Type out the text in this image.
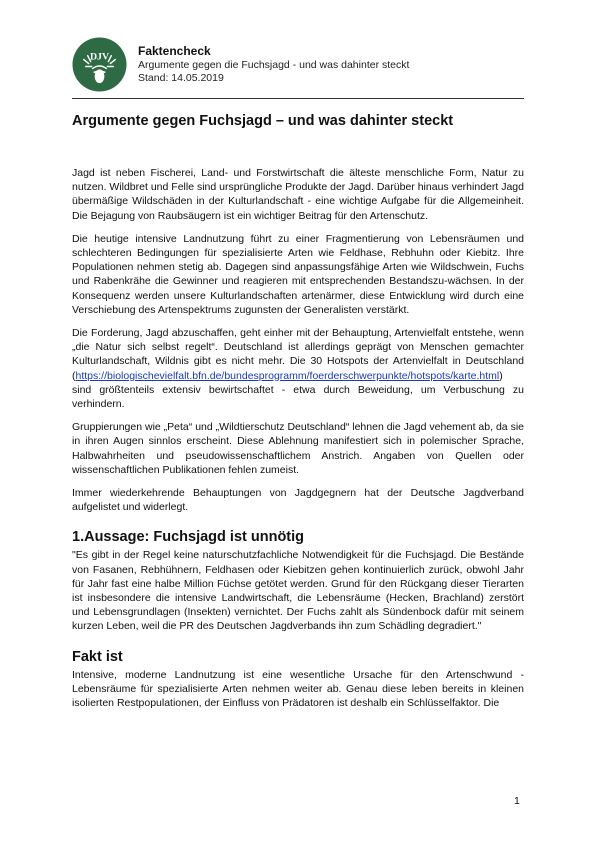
DJV Faktencheck
Argumente gegen die Fuchsjagd - und was dahinter steckt
Stand: 14.05.2019
Argumente gegen Fuchsjagd – und was dahinter steckt

Jagd ist neben Fischerei, Land- und Forstwirtschaft die älteste menschliche Form, Natur zu nutzen. Wildbret und Felle sind ursprüngliche Produkte der Jagd. Darüber hinaus verhindert Jagd übermäßige Wildschäden in der Kulturlandschaft - eine wichtige Aufgabe für die Allgemeinheit. Die Bejagung von Raubsäugern ist ein wichtiger Beitrag für den Artenschutz.

Die heutige intensive Landnutzung führt zu einer Fragmentierung von Lebensräumen und schlechteren Bedingungen für spezialisierte Arten wie Feldhase, Rebhuhn oder Kiebitz. Ihre Populationen nehmen stetig ab. Dagegen sind anpassungsfähige Arten wie Wildschwein, Fuchs und Rabenkrähe die Gewinner und reagieren mit entsprechenden Bestandszu-wächsen. In der Konsequenz werden unsere Kulturlandschaften artenärmer, diese Entwicklung wird durch eine Verschiebung des Artenspektrums zugunsten der Generalisten verstärkt.

Die Forderung, Jagd abzuschaffen, geht einher mit der Behauptung, Artenvielfalt entstehe, wenn „die Natur sich selbst regelt“. Deutschland ist allerdings geprägt von Menschen gemachter Kulturlandschaft, Wildnis gibt es nicht mehr. Die 30 Hotspots der Artenvielfalt in Deutschland (https://biologischevielfalt.bfn.de/bundesprogramm/foerderschwerpunkte/hotspots/karte.html) sind größtenteils extensiv bewirtschaftet - etwa durch Beweidung, um Verbuschung zu verhindern.

Gruppierungen wie „Peta“ und „Wildtierschutz Deutschland“ lehnen die Jagd vehement ab, da sie in ihren Augen sinnlos erscheint. Diese Ablehnung manifestiert sich in polemischer Sprache, Halbwahrheiten und pseudowissenschaftlichem Anstrich. Angaben von Quellen oder wissenschaftlichen Publikationen fehlen zumeist.

Immer wiederkehrende Behauptungen von Jagdgegnern hat der Deutsche Jagdverband aufgelistet und widerlegt.

1.Aussage: Fuchsjagd ist unnötig

"Es gibt in der Regel keine naturschutzfachliche Notwendigkeit für die Fuchsjagd. Die Bestände von Fasanen, Rebhühnern, Feldhasen oder Kiebitzen gehen kontinuierlich zurück, obwohl Jahr für Jahr fast eine halbe Million Füchse getötet werden. Grund für den Rückgang dieser Tierarten ist insbesondere die intensive Landwirtschaft, die Lebensräume (Hecken, Brachland) zerstört und Lebensgrundlagen (Insekten) vernichtet. Der Fuchs zahlt als Sündenbock dafür mit seinem kurzen Leben, weil die PR des Deutschen Jagdverbands ihn zum Schädling degradiert."

Fakt ist

Intensive, moderne Landnutzung ist eine wesentliche Ursache für den Artenschwund - Lebensräume für spezialisierte Arten nehmen weiter ab. Genau diese leben bereits in kleinen isolierten Restpopulationen, der Einfluss von Prädatoren ist deshalb ein Schlüsselfaktor. Die

1
